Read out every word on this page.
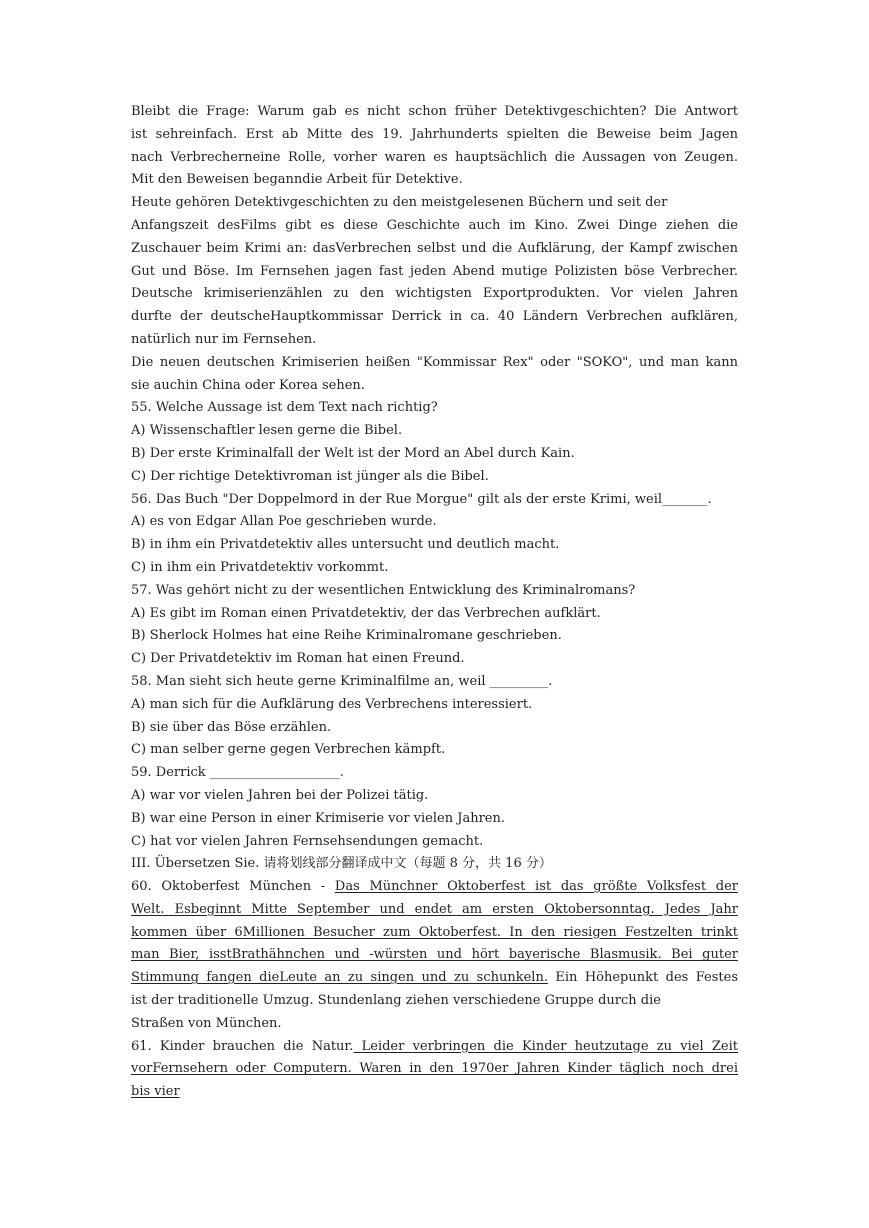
Bleibt die Frage: Warum gab es nicht schon früher Detektivgeschichten? Die Antwort
ist sehreinfach. Erst ab Mitte des 19. Jahrhunderts spielten die Beweise beim Jagen
nach Verbrecherneine Rolle, vorher waren es hauptsächlich die Aussagen von Zeugen.
Mit den Beweisen beganndie Arbeit für Detektive.
Heute gehören Detektivgeschichten zu den meistgelesenen Büchern und seit der
Anfangszeit desFilms gibt es diese Geschichte auch im Kino. Zwei Dinge ziehen die
Zuschauer beim Krimi an: dasVerbrechen selbst und die Aufklärung, der Kampf zwischen
Gut und Böse. Im Fernsehen jagen fast jeden Abend mutige Polizisten böse Verbrecher.
Deutsche krimiserienzählen zu den wichtigsten Exportprodukten. Vor vielen Jahren
durfte der deutscheHauptkommissar Derrick in ca. 40 Ländern Verbrechen aufklären,
natürlich nur im Fernsehen.
Die neuen deutschen Krimiserien heißen "Kommissar Rex" oder "SOKO", und man kann
sie auchin China oder Korea sehen.
55. Welche Aussage ist dem Text nach richtig?
A) Wissenschaftler lesen gerne die Bibel.
B) Der erste Kriminalfall der Welt ist der Mord an Abel durch Kain.
C) Der richtige Detektivroman ist jünger als die Bibel.
56. Das Buch "Der Doppelmord in der Rue Morgue" gilt als der erste Krimi, weil_______.
A) es von Edgar Allan Poe geschrieben wurde.
B) in ihm ein Privatdetektiv alles untersucht und deutlich macht.
C) in ihm ein Privatdetektiv vorkommt.
57. Was gehört nicht zu der wesentlichen Entwicklung des Kriminalromans?
A) Es gibt im Roman einen Privatdetektiv, der das Verbrechen aufklärt.
B) Sherlock Holmes hat eine Reihe Kriminalromane geschrieben.
C) Der Privatdetektiv im Roman hat einen Freund.
58. Man sieht sich heute gerne Kriminalfilme an, weil _________.
A) man sich für die Aufklärung des Verbrechens interessiert.
B) sie über das Böse erzählen.
C) man selber gerne gegen Verbrechen kämpft.
59. Derrick ____________________.
A) war vor vielen Jahren bei der Polizei tätig.
B) war eine Person in einer Krimiserie vor vielen Jahren.
C) hat vor vielen Jahren Fernsehsendungen gemacht.
III. Übersetzen Sie. 请将划线部分翻译成中文（每题 8 分，共 16 分）
60. Oktoberfest München - Das Münchner Oktoberfest ist das größte Volksfest der
Welt. Esbeginnt Mitte September und endet am ersten Oktobersonntag. Jedes Jahr
kommen über 6Millionen Besucher zum Oktoberfest. In den riesigen Festzelten trinkt
man Bier, isstBrathähnchen und -würsten und hört bayerische Blasmusik. Bei guter
Stimmung fangen dieLeute an zu singen und zu schunkeln. Ein Höhepunkt des Festes
ist der traditionelle Umzug. Stundenlang ziehen verschiedene Gruppe durch die
Straßen von München.
61. Kinder brauchen die Natur. Leider verbringen die Kinder heutzutage zu viel Zeit
vorFernsehern oder Computern. Waren in den 1970er Jahren Kinder täglich noch drei
bis vier
